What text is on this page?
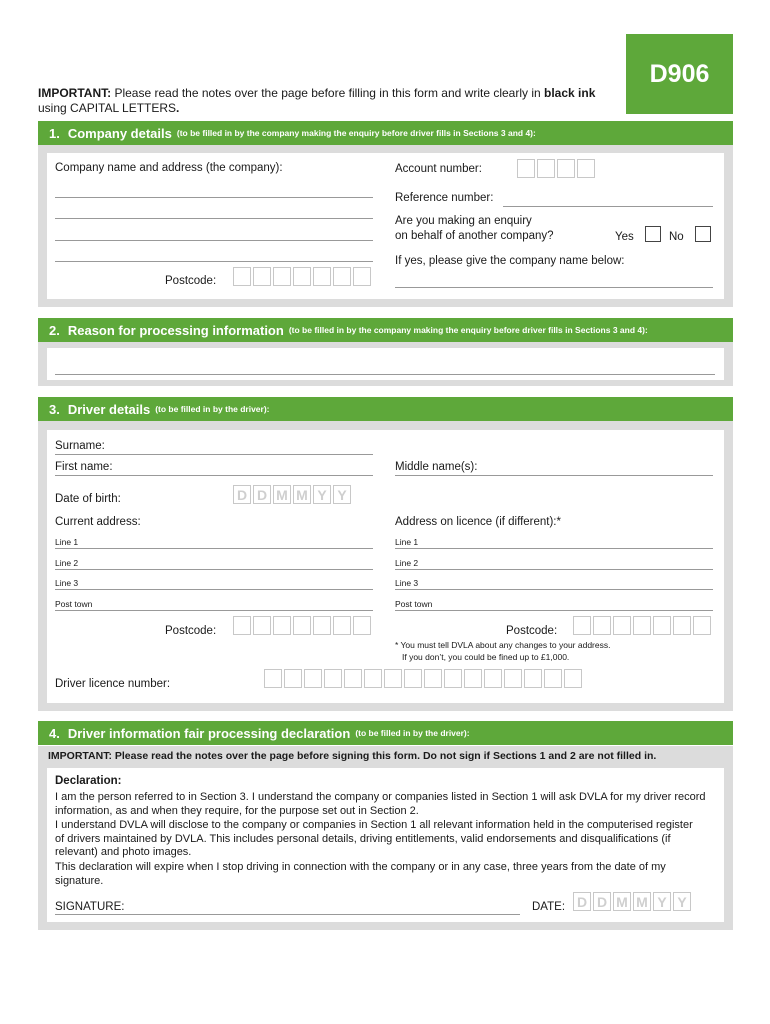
D906
IMPORTANT: Please read the notes over the page before filling in this form and write clearly in black ink using CAPITAL LETTERS.
1. Company details (to be filled in by the company making the enquiry before driver fills in Sections 3 and 4):
Company name and address (the company):
Postcode:
Account number:
Reference number:
Are you making an enquiry
on behalf of another company?	Yes	No
If yes, please give the company name below:
2. Reason for processing information (to be filled in by the company making the enquiry before driver fills in Sections 3 and 4):
3. Driver details (to be filled in by the driver):
Surname:
First name:	Middle name(s):
Date of birth:	D D M M Y Y
Current address:
Line 1
Line 2
Line 3
Post town
Postcode:
Address on licence (if different):*
Line 1
Line 2
Line 3
Post town
Postcode:
* You must tell DVLA about any changes to your address.
If you don’t, you could be fined up to £1,000.
Driver licence number:
4. Driver information fair processing declaration (to be filled in by the driver):
IMPORTANT: Please read the notes over the page before signing this form. Do not sign if Sections 1 and 2 are not filled in.
Declaration:
I am the person referred to in Section 3. I understand the company or companies listed in Section 1 will ask DVLA for my driver record information, as and when they require, for the purpose set out in Section 2.
I understand DVLA will disclose to the company or companies in Section 1 all relevant information held in the computerised register of drivers maintained by DVLA. This includes personal details, driving entitlements, valid endorsements and disqualifications (if relevant) and photo images.
This declaration will expire when I stop driving in connection with the company or in any case, three years from the date of my signature.
SIGNATURE:	DATE: D D M M Y Y
